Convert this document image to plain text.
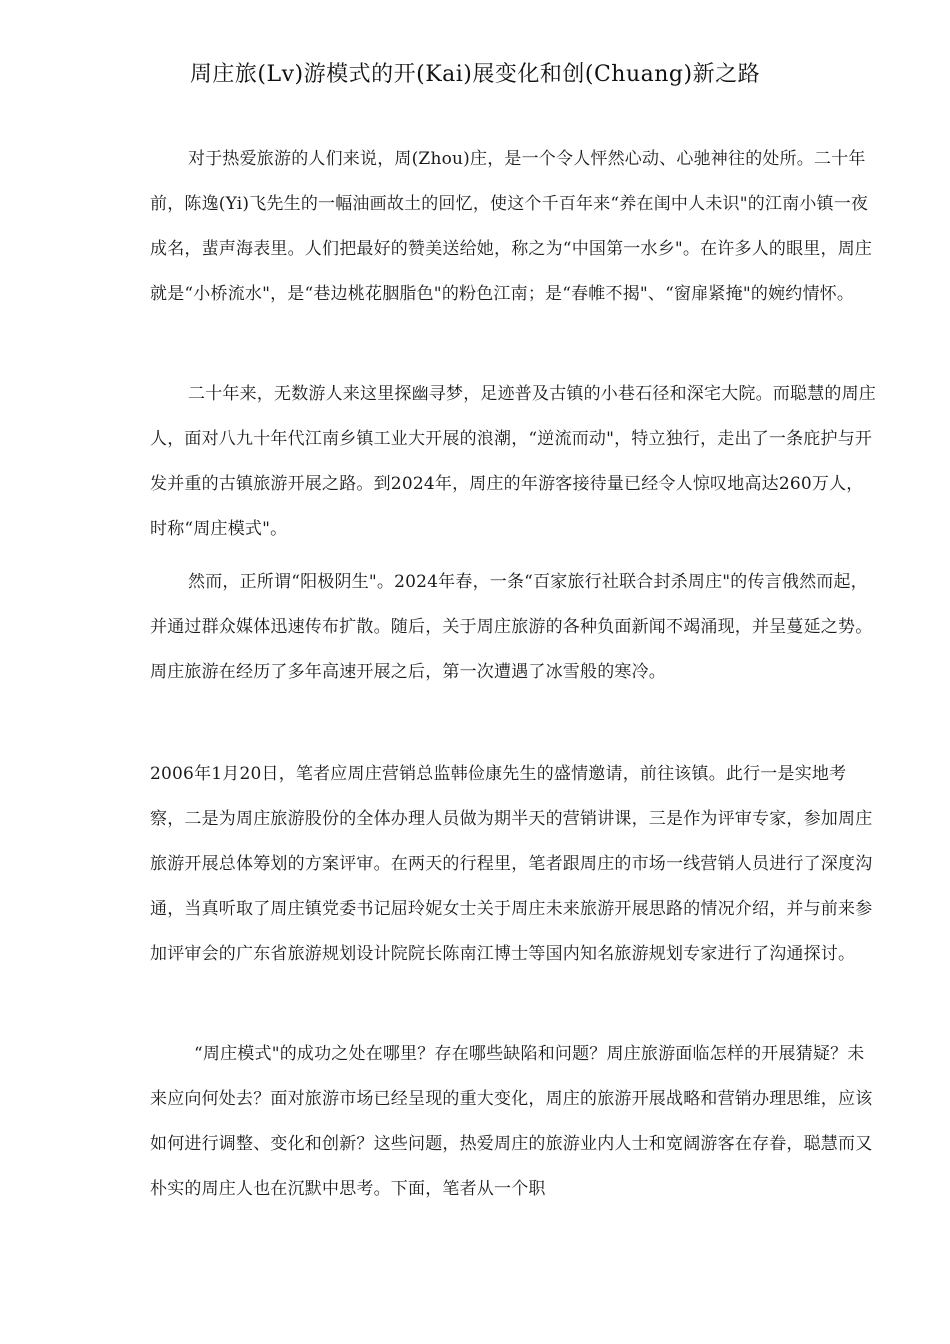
周庄旅(Lv)游模式的开(Kai)展变化和创(Chuang)新之路

对于热爱旅游的人们来说，周(Zhou)庄，是一个令人怦然心动、心驰神往的处所。二十年前，陈逸(Yi)飞先生的一幅油画故土的回忆，使这个千百年来“养在闺中人未识"的江南小镇一夜成名，蜚声海表里。人们把最好的赞美送给她，称之为“中国第一水乡"。在许多人的眼里，周庄就是“小桥流水"，是“巷边桃花胭脂色"的粉色江南；是“春帷不揭"、“窗扉紧掩"的婉约情怀。

二十年来，无数游人来这里探幽寻梦，足迹普及古镇的小巷石径和深宅大院。而聪慧的周庄人，面对八九十年代江南乡镇工业大开展的浪潮，“逆流而动"，特立独行，走出了一条庇护与开发并重的古镇旅游开展之路。到2024年，周庄的年游客接待量已经令人惊叹地高达260万人，时称“周庄模式"。

然而，正所谓“阳极阴生"。2024年春，一条“百家旅行社联合封杀周庄"的传言俄然而起，并通过群众媒体迅速传布扩散。随后，关于周庄旅游的各种负面新闻不竭涌现，并呈蔓延之势。周庄旅游在经历了多年高速开展之后，第一次遭遇了冰雪般的寒冷。

2006年1月20日，笔者应周庄营销总监韩俭康先生的盛情邀请，前往该镇。此行一是实地考察，二是为周庄旅游股份的全体办理人员做为期半天的营销讲课，三是作为评审专家，参加周庄旅游开展总体筹划的方案评审。在两天的行程里，笔者跟周庄的市场一线营销人员进行了深度沟通，当真听取了周庄镇党委书记屈玲妮女士关于周庄未来旅游开展思路的情况介绍，并与前来参加评审会的广东省旅游规划设计院院长陈南江博士等国内知名旅游规划专家进行了沟通探讨。

“周庄模式"的成功之处在哪里？存在哪些缺陷和问题？周庄旅游面临怎样的开展猜疑？未来应向何处去？面对旅游市场已经呈现的重大变化，周庄的旅游开展战略和营销办理思维，应该如何进行调整、变化和创新？这些问题，热爱周庄的旅游业内人士和宽阔游客在存眷，聪慧而又朴实的周庄人也在沉默中思考。下面，笔者从一个职
